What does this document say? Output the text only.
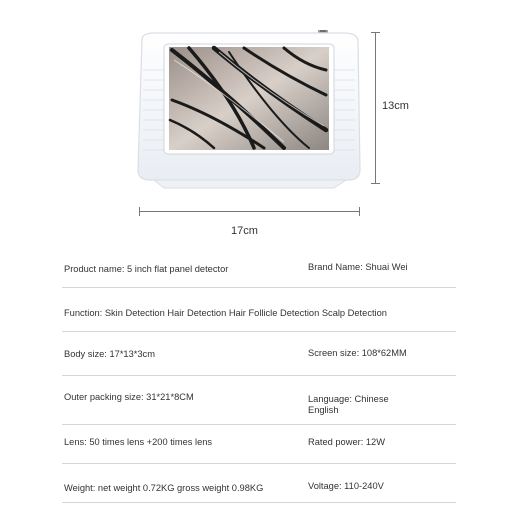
13cm
17cm
Product name: 5 inch flat panel detector	Brand Name: Shuai Wei
Function: Skin Detection Hair Detection Hair Follicle Detection Scalp Detection
Body size: 17*13*3cm	Screen size: 108*62MM
Outer packing size: 31*21*8CM	Language: Chinese English
Lens: 50 times lens +200 times lens	Rated power: 12W
Weight: net weight 0.72KG gross weight 0.98KG	Voltage: 110-240V
